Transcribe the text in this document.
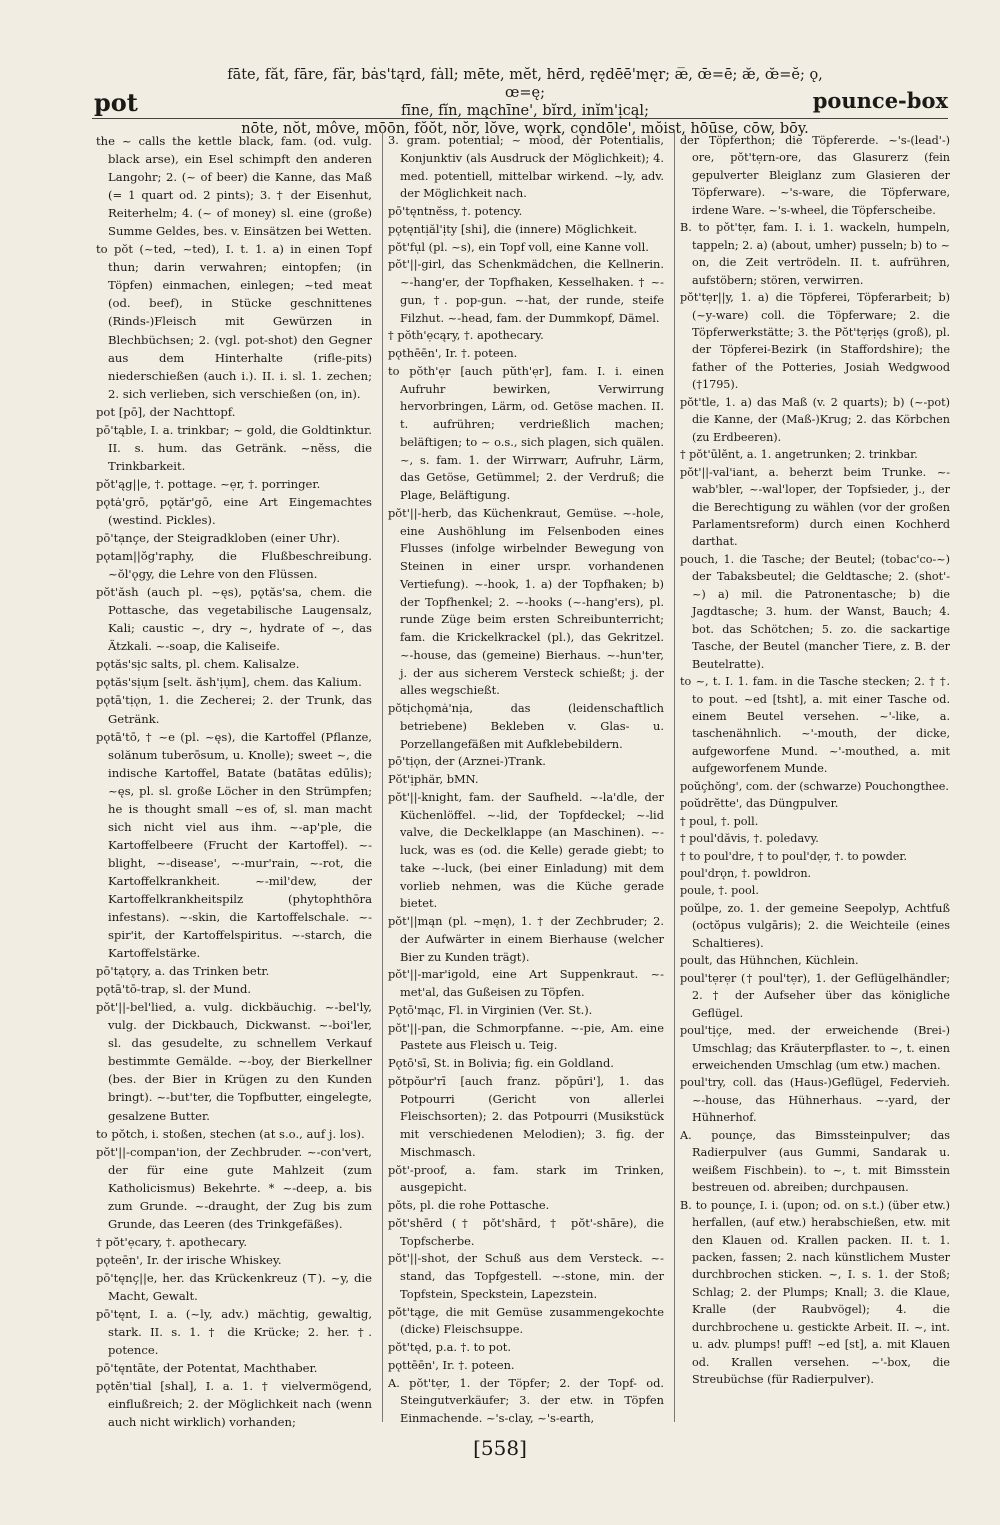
pot
fāte, făt, fāre, fär, bȧs'tąrd, fȧll; mēte, mĕt, hērd, rędēē'męr; æ̅, œ̄=ē; æ̆, œ̆=ĕ; ǫ, œ=ę;
fīne, fĭn, mąchīne', bĭrd, inĭm'ịcąl;
nōte, nŏt, môve, mōōn, fŏŏt, nŏr, lŏve, wǫrk, cǫndōle', mŏist, hōūse, cōw, bōy.
pounce-box

the ~ calls the kettle black, fam. (od. vulg. black arse), ein Esel schimpft den anderen Langohr; 2. (~ of beer) die Kanne, das Maß (= 1 quart od. 2 pints); 3. † der Eisenhut, Reiterhelm; 4. (~ of money) sl. eine (große) Summe Geldes, bes. v. Einsätzen bei Wetten.

to pŏt (~ted, ~ted), I. t. 1. a) in einen Topf thun; darin verwahren; eintopfen; (in Töpfen) einmachen, einlegen; ~ted meat (od. beef), in Stücke geschnittenes (Rinds-)Fleisch mit Gewürzen in Blechbüchsen; 2. (vgl. pot-shot) den Gegner aus dem Hinterhalte (rifle-pits) niederschießen (auch i.). II. i. sl. 1. zechen; 2. sich verlieben, sich verschießen (on, in).

pot [pō], der Nachttopf.

pō'tąble, I. a. trinkbar; ~ gold, die Goldtinktur. II. s. hum. das Getränk. ~nĕss, die Trinkbarkeit.

pŏt'ąg||e, †. pottage. ~ẹr, †. porringer.

pǫtȧ'grō, pǫtăr'gō, eine Art Eingemachtes (westind. Pickles).

pō'tạnçe, der Steigradkloben (einer Uhr).

pǫtam||ŏg'raphy, die Flußbeschreibung. ~ŏl'ǫgy, die Lehre von den Flüssen.

pŏt'ăsh (auch pl. ~ęs), pǫtăs'sa, chem. die Pottasche, das vegetabilische Laugensalz, Kali; caustic ~, dry ~, hydrate of ~, das Ätzkali. ~-soap, die Kaliseife.

pǫtăs'sịc salts, pl. chem. Kalisalze.

pǫtăs'sịụm [selt. ăsh'ịụm], chem. das Kalium.

pǫtā'tịǫn, 1. die Zecherei; 2. der Trunk, das Getränk.

pǫtā'tō, † ~e (pl. ~ęs), die Kartoffel (Pflanze, solănum tuberōsum, u. Knolle); sweet ~, die indische Kartoffel, Batate (batātas edūlis); ~ęs, pl. sl. große Löcher in den Strümpfen; he is thought small ~es of, sl. man macht sich nicht viel aus ihm. ~-ap'ple, die Kartoffelbeere (Frucht der Kartoffel). ~-blight, ~-disease', ~-mur'rain, ~-rot, die Kartoffelkrankheit. ~-mil'dew, der Kartoffelkrankheitspilz (phytophthōra infestans). ~-skin, die Kartoffelschale. ~-spir'it, der Kartoffelspiritus. ~-starch, die Kartoffelstärke.

pō'tạtǫry, a. das Trinken betr.

pǫtā'tō-trap, sl. der Mund.

pŏt'||-bel'lied, a. vulg. dickbäuchig. ~-bel'ly, vulg. der Dickbauch, Dickwanst. ~-boi'ler, sl. das gesudelte, zu schnellem Verkauf bestimmte Gemälde. ~-boy, der Bierkellner (bes. der Bier in Krügen zu den Kunden bringt). ~-but'ter, die Topfbutter, eingelegte, gesalzene Butter.

to pŏtch, i. stoßen, stechen (at s.o., auf j. los).

pŏt'||-compan'ion, der Zechbruder. ~-con'vert, der für eine gute Mahlzeit (zum Katholicismus) Bekehrte. * ~-deep, a. bis zum Grunde. ~-draught, der Zug bis zum Grunde, das Leeren (des Trinkgefäßes).

† pŏt'ẹcary, †. apothecary.

pǫteēn', Ir. der irische Whiskey.

pō'tęnç||e, her. das Krückenkreuz (⊤). ~y, die Macht, Gewalt.

pō'tęnt, I. a. (~ly, adv.) mächtig, gewaltig, stark. II. s. 1. † die Krücke; 2. her. †. potence.

pō'tęntāte, der Potentat, Machthaber.

pǫtĕn'tial [shal], I. a. 1. † vielvermögend, einflußreich; 2. der Möglichkeit nach (wenn auch nicht wirklich) vorhanden;

3. gram. potential; ~ mood, der Potentialis, Konjunktiv (als Ausdruck der Möglichkeit); 4. med. potentiell, mittelbar wirkend. ~ly, adv. der Möglichkeit nach.

pō'tęntnĕss, †. potency.

pǫtęntịăl'ịty [shi], die (innere) Möglichkeit.

pŏt'fụl (pl. ~s), ein Topf voll, eine Kanne voll.

pŏt'||-girl, das Schenkmädchen, die Kellnerin. ~-hang'er, der Topfhaken, Kesselhaken. † ~-gun, †. pop-gun. ~-hat, der runde, steife Filzhut. ~-head, fam. der Dummkopf, Dämel.

† pŏth'ẹcąry, †. apothecary.

pǫthēēn', Ir. †. poteen.

to pŏth'ẹr [auch pŭth'ẹr], fam. I. i. einen Aufruhr bewirken, Verwirrung hervorbringen, Lärm, od. Getöse machen. II. t. aufrühren; verdrießlich machen; beläftigen; to ~ o.s., sich plagen, sich quälen. ~, s. fam. 1. der Wirrwarr, Aufruhr, Lärm, das Getöse, Getümmel; 2. der Verdruß; die Plage, Beläftigung.

pŏt'||-herb, das Küchenkraut, Gemüse. ~-hole, eine Aushöhlung im Felsenboden eines Flusses (infolge wirbelnder Bewegung von Steinen in einer urspr. vorhandenen Vertiefung). ~-hook, 1. a) der Topfhaken; b) der Topfhenkel; 2. ~-hooks (~-hang'ers), pl. runde Züge beim ersten Schreibunterricht; fam. die Krickelkrackel (pl.), das Gekritzel. ~-house, das (gemeine) Bierhaus. ~-hun'ter, j. der aus sicherem Versteck schießt; j. der alles wegschießt.

pŏtịchǫmȧ'nịa, das (leidenschaftlich betriebene) Bekleben v. Glas- u. Porzellangefäßen mit Aufklebebildern.

pō'tịǫn, der (Arznei-)Trank.

Pŏt'ịphär, bMN.

pŏt'||-knight, fam. der Saufheld. ~-la'dle, der Küchenlöffel. ~-lid, der Topfdeckel; ~-lid valve, die Deckelklappe (an Maschinen). ~-luck, was es (od. die Kelle) gerade giebt; to take ~-luck, (bei einer Einladung) mit dem vorlieb nehmen, was die Küche gerade bietet.

pŏt'||mąn (pl. ~męn), 1. † der Zechbruder; 2. der Aufwärter in einem Bierhause (welcher Bier zu Kunden trägt).

pŏt'||-mar'igold, eine Art Suppenkraut. ~-met'al, das Gußeisen zu Töpfen.

Pǫtō'mąc, Fl. in Virginien (Ver. St.).

pŏt'||-pan, die Schmorpfanne. ~-pie, Am. eine Pastete aus Fleisch u. Teig.

Pǫtō'sī, St. in Bolivia; fig. ein Goldland.

pŏtpŏur'rī [auch franz. pŏpūri'], 1. das Potpourri (Gericht von allerlei Fleischsorten); 2. das Potpourri (Musikstück mit verschiedenen Melodien); 3. fig. der Mischmasch.

pŏt'-proof, a. fam. stark im Trinken, ausgepicht.

pŏts, pl. die rohe Pottasche.

pŏt'shērd († pŏt'shārd, † pŏt'-shāre), die Topfscherbe.

pŏt'||-shot, der Schuß aus dem Versteck. ~-stand, das Topfgestell. ~-stone, min. der Topfstein, Speckstein, Lapezstein.

pŏt'tąge, die mit Gemüse zusammengekochte (dicke) Fleischsuppe.

pŏt'tęd, p.a. †. to pot.

pǫttēēn', Ir. †. poteen.

A. pŏt'tẹr, 1. der Töpfer; 2. der Topf- od. Steingutverkäufer; 3. der etw. in Töpfen Einmachende. ~'s-clay, ~'s-earth,

der Töpferthon; die Töpfererde. ~'s-(lead'-) ore, pŏt'tẹrn-ore, das Glasurerz (fein gepulverter Bleiglanz zum Glasieren der Töpferware). ~'s-ware, die Töpferware, irdene Ware. ~'s-wheel, die Töpferscheibe.

B. to pŏt'tẹr, fam. I. i. 1. wackeln, humpeln, tappeln; 2. a) (about, umher) pusseln; b) to ~ on, die Zeit vertrödeln. II. t. aufrühren, aufstöbern; stören, verwirren.

pŏt'tẹr||y, 1. a) die Töpferei, Töpferarbeit; b) (~y-ware) coll. die Töpferware; 2. die Töpferwerkstätte; 3. the Pŏt'tẹrịęs (groß), pl. der Töpferei-Bezirk (in Staffordshire); the father of the Potteries, Josiah Wedgwood (†1795).

pŏt'tle, 1. a) das Maß (v. 2 quarts); b) (~-pot) die Kanne, der (Maß-)Krug; 2. das Körbchen (zu Erdbeeren).

† pŏt'ūlĕnt, a. 1. angetrunken; 2. trinkbar.

pŏt'||-val'iant, a. beherzt beim Trunke. ~-wab'bler, ~-wal'loper, der Topfsieder, j., der die Berechtigung zu wählen (vor der großen Parlamentsreform) durch einen Kochherd darthat.

pouch, 1. die Tasche; der Beutel; (tobac'co-~) der Tabaksbeutel; die Geldtasche; 2. (shot'-~) a) mil. die Patronentasche; b) die Jagdtasche; 3. hum. der Wanst, Bauch; 4. bot. das Schötchen; 5. zo. die sackartige Tasche, der Beutel (mancher Tiere, z. B. der Beutelratte).

to ~, t. I. 1. fam. in die Tasche stecken; 2. † †. to pout. ~ed [tsht], a. mit einer Tasche od. einem Beutel versehen. ~'-like, a. taschenähnlich. ~'-mouth, der dicke, aufgeworfene Mund. ~'-mouthed, a. mit aufgeworfenem Munde.

poŭçhŏng', com. der (schwarze) Pouchongthee.

poŭdrĕtte', das Düngpulver.

† poul, †. poll.

† poul'dăvis, †. poledavy.

† to poul'dre, † to poul'dẹr, †. to powder.

poul'drǫn, †. powldron.

poule, †. pool.

poŭlpe, zo. 1. der gemeine Seepolyp, Achtfuß (octŏpus vulgāris); 2. die Weichteile (eines Schaltieres).

poult, das Hühnchen, Küchlein.

poul'tẹrẹr († poul'tẹr), 1. der Geflügelhändler; 2. † der Aufseher über das königliche Geflügel.

poul'tịçe, med. der erweichende (Brei-) Umschlag; das Kräuterpflaster. to ~, t. einen erweichenden Umschlag (um etw.) machen.

poul'try, coll. das (Haus-)Geflügel, Federvieh. ~-house, das Hühnerhaus. ~-yard, der Hühnerhof.

A. pounçe, das Bimssteinpulver; das Radierpulver (aus Gummi, Sandarak u. weißem Fischbein). to ~, t. mit Bimsstein bestreuen od. abreiben; durchpausen.

B. to pounçe, I. i. (upon; od. on s.t.) (über etw.) herfallen, (auf etw.) herabschießen, etw. mit den Klauen od. Krallen packen. II. t. 1. packen, fassen; 2. nach künstlichem Muster durchbrochen sticken. ~, I. s. 1. der Stoß; Schlag; 2. der Plumps; Knall; 3. die Klaue, Kralle (der Raubvögel); 4. die durchbrochene u. gestickte Arbeit. II. ~, int. u. adv. plumps! puff! ~ed [st], a. mit Klauen od. Krallen versehen. ~'-box, die Streubüchse (für Radierpulver).

[558]
